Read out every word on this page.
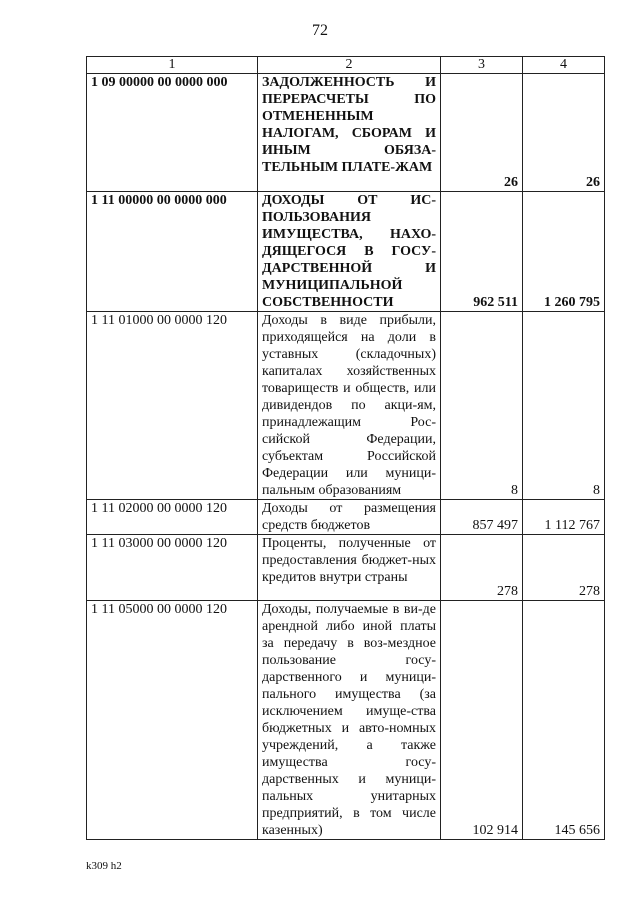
72
1	2	3	4
1 09 00000 00 0000 000	ЗАДОЛЖЕННОСТЬ И ПЕРЕРАСЧЕТЫ ПО ОТМЕНЕННЫМ НАЛОГАМ, СБОРАМ И ИНЫМ ОБЯЗА-ТЕЛЬНЫМ ПЛАТЕ-ЖАМ	26	26
1 11 00000 00 0000 000	ДОХОДЫ ОТ ИС-ПОЛЬЗОВАНИЯ ИМУЩЕСТВА, НАХО-ДЯЩЕГОСЯ В ГОСУ-ДАРСТВЕННОЙ И МУНИЦИПАЛЬНОЙ СОБСТВЕННОСТИ	962 511	1 260 795
1 11 01000 00 0000 120	Доходы в виде прибыли, приходящейся на доли в уставных (складочных) капиталах хозяйственных товариществ и обществ, или дивидендов по акци-ям, принадлежащим Рос-сийской Федерации, субъектам Российской Федерации или муници-пальным образованиям	8	8
1 11 02000 00 0000 120	Доходы от размещения средств бюджетов	857 497	1 112 767
1 11 03000 00 0000 120	Проценты, полученные от предоставления бюджет-ных кредитов внутри страны	278	278
1 11 05000 00 0000 120	Доходы, получаемые в ви-де арендной либо иной платы за передачу в воз-мездное пользование госу-дарственного и муници-пального имущества (за исключением имуще-ства бюджетных и авто-номных учреждений, а также имущества госу-дарственных и муници-пальных унитарных предприятий, в том числе казенных)	102 914	145 656
k309 h2
